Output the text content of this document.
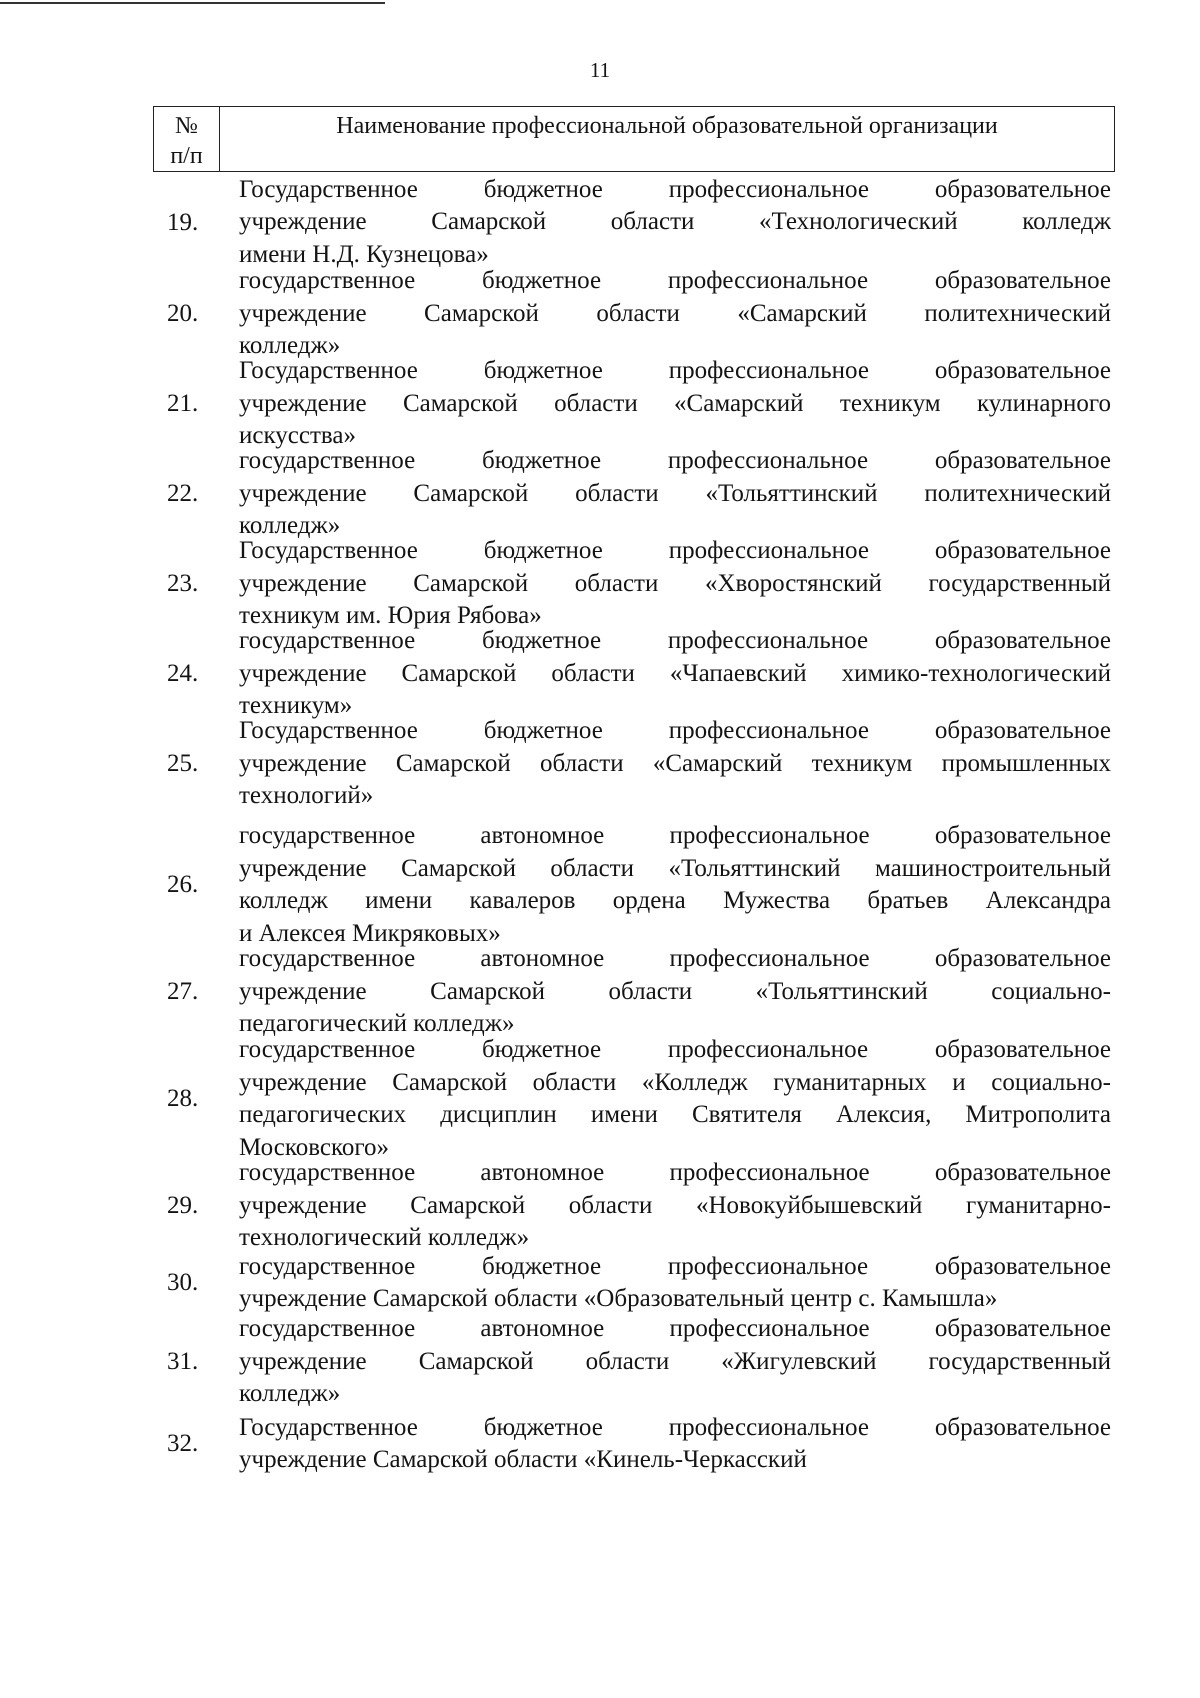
11
№
п/п
Наименование профессиональной образовательной организации
19.
Государственное бюджетное профессиональное образовательное
учреждение Самарской области «Технологический колледж
имени Н.Д. Кузнецова»
20.
государственное бюджетное профессиональное образовательное
учреждение Самарской области «Самарский политехнический
колледж»
21.
Государственное бюджетное профессиональное образовательное
учреждение Самарской области «Самарский техникум кулинарного
искусства»
22.
государственное бюджетное профессиональное образовательное
учреждение Самарской области «Тольяттинский политехнический
колледж»
23.
Государственное бюджетное профессиональное образовательное
учреждение Самарской области «Хворостянский государственный
техникум им. Юрия Рябова»
24.
государственное бюджетное профессиональное образовательное
учреждение Самарской области «Чапаевский химико-технологический
техникум»
25.
Государственное бюджетное профессиональное образовательное
учреждение Самарской области «Самарский техникум промышленных
технологий»
26.
государственное автономное профессиональное образовательное
учреждение Самарской области «Тольяттинский машиностроительный
колледж имени кавалеров ордена Мужества братьев Александра
и Алексея Микряковых»
27.
государственное автономное профессиональное образовательное
учреждение Самарской области «Тольяттинский социально-
педагогический колледж»
28.
государственное бюджетное профессиональное образовательное
учреждение Самарской области «Колледж гуманитарных и социально-
педагогических дисциплин имени Святителя Алексия, Митрополита
Московского»
29.
государственное автономное профессиональное образовательное
учреждение Самарской области «Новокуйбышевский гуманитарно-
технологический колледж»
30.
государственное бюджетное профессиональное образовательное
учреждение Самарской области «Образовательный центр с. Камышла»
31.
государственное автономное профессиональное образовательное
учреждение Самарской области «Жигулевский государственный
колледж»
32.
Государственное бюджетное профессиональное образовательное
учреждение Самарской области «Кинель-Черкасский
